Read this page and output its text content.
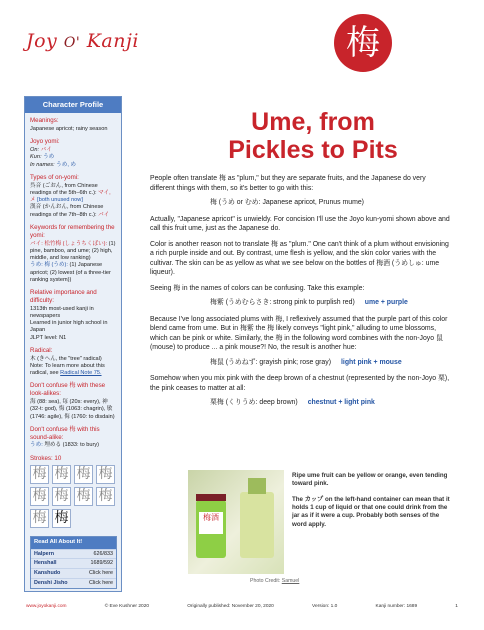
Joy O' Kanji	梅
Character Profile
Meanings:
Japanese apricot; rainy season
Joyo yomi:
On: バイ
Kun: うめ
In names: うめ, め
Types of on-yomi:
呉音 (ごおん, from Chinese readings of the 5th–6th c.): マイ, メ [both unused now]
漢音 (かんおん, from Chinese readings of the 7th–8th c.): バイ
Keywords for remembering the yomi:
バイ: 松竹梅 (しょうちくばい): (1) pine, bamboo, and ume; (2) high, middle, and low ranking)
うめ: 梅 (うめ): (1) Japanese apricot; (2) lowest (of a three-tier ranking system))
Relative importance and difficulty:
1313th most-used kanji in newspapers
Learned in junior high school in Japan
JLPT level: N1
Radical:
木 (きへん, the "tree" radical)
Note: To learn more about this radical, see Radical Note 75.
Don't confuse 梅 with these look-alikes:
海 (88: sea), 毎 (20s: every), 神 (32-t: god), 悔 (1063: chagrin), 敏 (1746: agile), 侮 (1760: to disdain)
Don't confuse 梅 with this sound-alike:
うめ: 埋める (1833: to bury)
Strokes: 10
梅 梅 梅 梅
梅 梅 梅 梅
梅 梅
Read All About It!
Halpern	626/833
Henshall	1689/592
Kanshudo	Click here
Denshi Jisho	Click here
Ume, from
Pickles to Pits

People often translate 梅 as "plum," but they are separate fruits, and the Japanese do very different things with them, so it's better to go with this:

梅 (うめ or むめ: Japanese apricot, Prunus mume)

Actually, "Japanese apricot" is unwieldy. For concision I'll use the Joyo kun-yomi shown above and call this fruit ume, just as the Japanese do.

Color is another reason not to translate 梅 as "plum." One can't think of a plum without envisioning a rich purple inside and out. By contrast, ume flesh is yellow, and the skin color varies with the cultivar. The skin can be as yellow as what we see below on the bottles of 梅酒 (うめしゅ: ume liqueur).

Seeing 梅 in the names of colors can be confusing. Take this example:

梅紫 (うめむらさき: strong pink to purplish red) ume + purple

Because I've long associated plums with 梅, I reflexively assumed that the purple part of this color blend came from ume. But in 梅紫 the 梅 likely conveys "light pink," alluding to ume blossoms, which can be pink or white. Similarly, the 梅 in the following word combines with the non-Joyo 鼠 (mouse) to produce ... a pink mouse?! No, the result is another hue:

梅鼠 (うめねず: grayish pink; rose gray) light pink + mouse

Somehow when you mix pink with the deep brown of a chestnut (represented by the non-Joyo 栗), the pink ceases to matter at all:

栗梅 (くりうめ: deep brown) chestnut + light pink
梅酒
Photo Credit: Samuel

Ripe ume fruit can be yellow or orange, even tending toward pink.

The カップ on the left-hand container can mean that it holds 1 cup of liquid or that one could drink from the jar as if it were a cup. Probably both senses of the word apply.

www.joyokanji.com	© Eve Kushner 2020	Originally published: November 20, 2020	Version: 1.0	Kanji number: 1689	1
